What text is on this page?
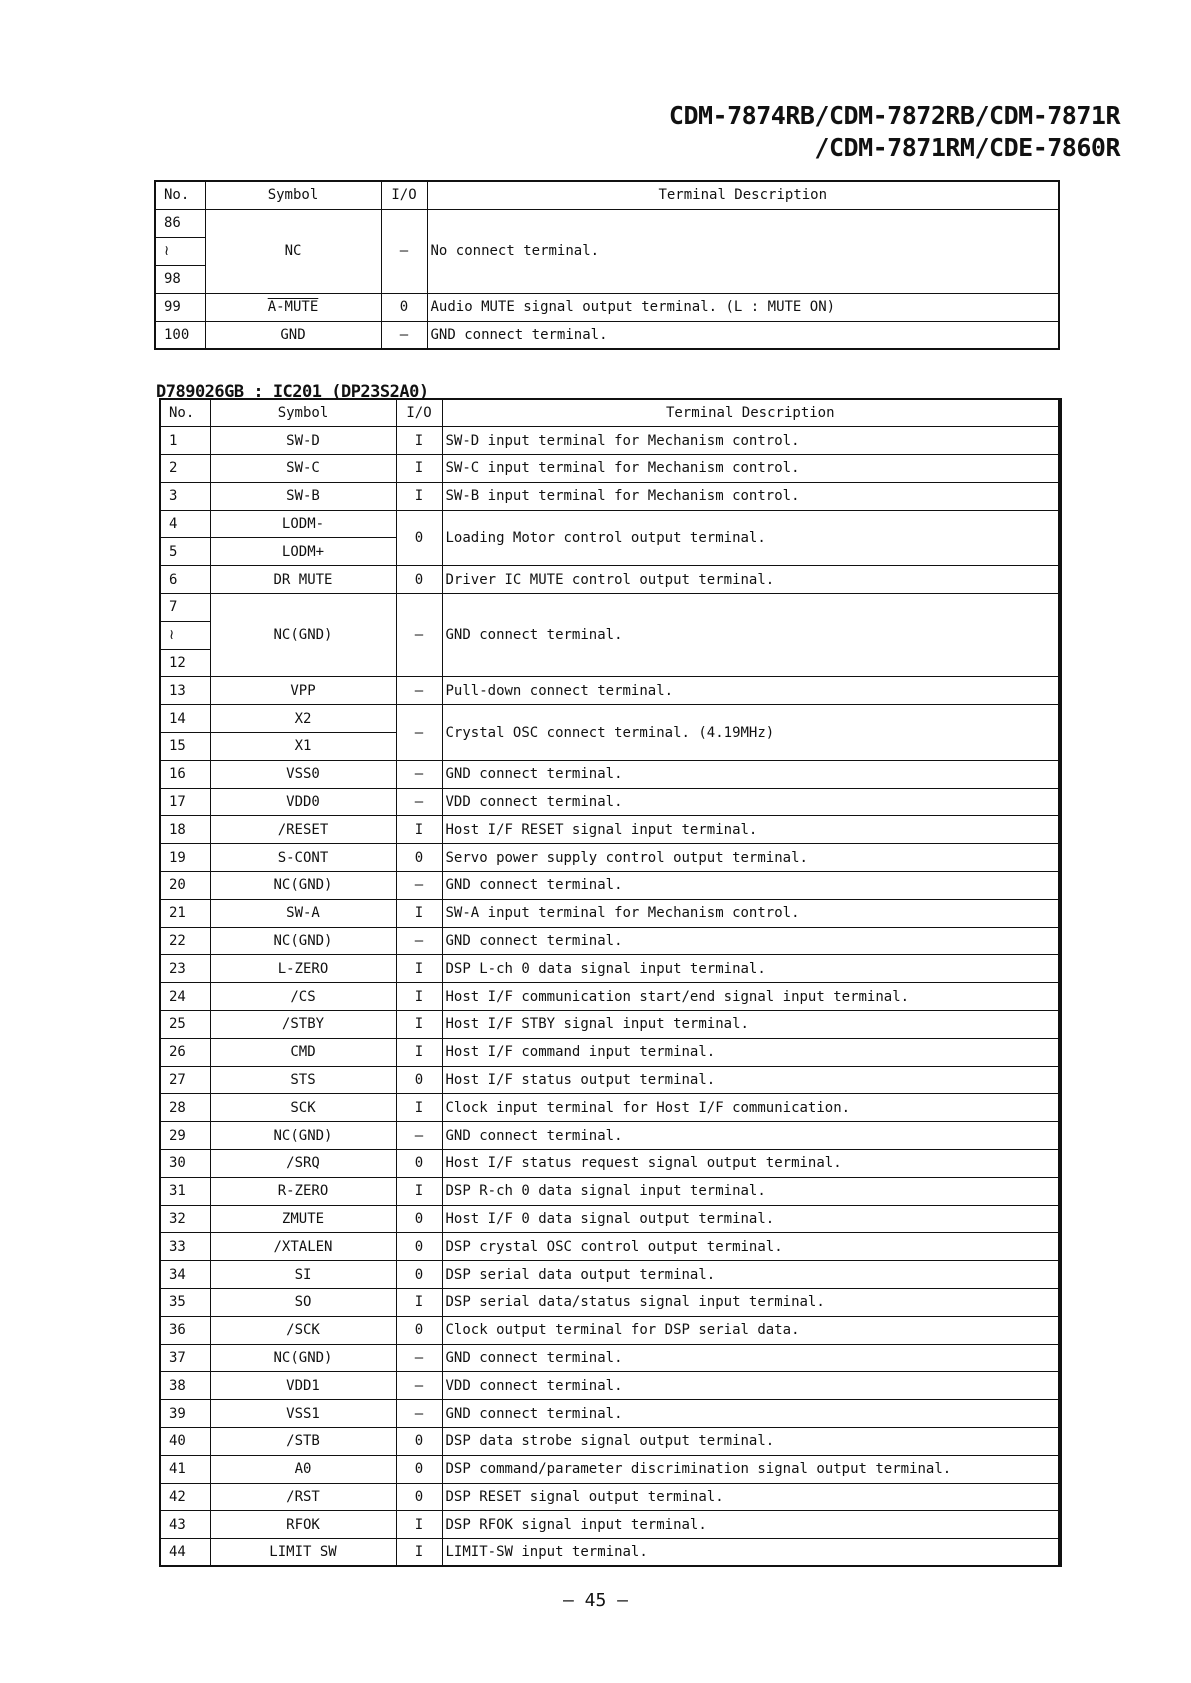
CDM-7874RB/CDM-7872RB/CDM-7871R
/CDM-7871RM/CDE-7860R
No.	Symbol	I/O	Terminal Description
86	NC	–	No connect terminal.
≀			
98			
99	A-MUTE	0	Audio MUTE signal output terminal. (L : MUTE ON)
100	GND	–	GND connect terminal.
D789026GB : IC201 (DP23S2A0)
No.	Symbol	I/O	Terminal Description
1	SW-D	I	SW-D input terminal for Mechanism control.
2	SW-C	I	SW-C input terminal for Mechanism control.
3	SW-B	I	SW-B input terminal for Mechanism control.
4	LODM-	0	Loading Motor control output terminal.
5	LODM+		
6	DR MUTE	0	Driver IC MUTE control output terminal.
7	NC(GND)	–	GND connect terminal.
≀			
12			
13	VPP	–	Pull-down connect terminal.
14	X2	–	Crystal OSC connect terminal. (4.19MHz)
15	X1		
16	VSS0	–	GND connect terminal.
17	VDD0	–	VDD connect terminal.
18	/RESET	I	Host I/F RESET signal input terminal.
19	S-CONT	0	Servo power supply control output terminal.
20	NC(GND)	–	GND connect terminal.
21	SW-A	I	SW-A input terminal for Mechanism control.
22	NC(GND)	–	GND connect terminal.
23	L-ZERO	I	DSP L-ch 0 data signal input terminal.
24	/CS	I	Host I/F communication start/end signal input terminal.
25	/STBY	I	Host I/F STBY signal input terminal.
26	CMD	I	Host I/F command input terminal.
27	STS	0	Host I/F status output terminal.
28	SCK	I	Clock input terminal for Host I/F communication.
29	NC(GND)	–	GND connect terminal.
30	/SRQ	0	Host I/F status request signal output terminal.
31	R-ZERO	I	DSP R-ch 0 data signal input terminal.
32	ZMUTE	0	Host I/F 0 data signal output terminal.
33	/XTALEN	0	DSP crystal OSC control output terminal.
34	SI	0	DSP serial data output terminal.
35	SO	I	DSP serial data/status signal input terminal.
36	/SCK	0	Clock output terminal for DSP serial data.
37	NC(GND)	–	GND connect terminal.
38	VDD1	–	VDD connect terminal.
39	VSS1	–	GND connect terminal.
40	/STB	0	DSP data strobe signal output terminal.
41	A0	0	DSP command/parameter discrimination signal output terminal.
42	/RST	0	DSP RESET signal output terminal.
43	RFOK	I	DSP RFOK signal input terminal.
44	LIMIT SW	I	LIMIT-SW input terminal.
— 45 —
